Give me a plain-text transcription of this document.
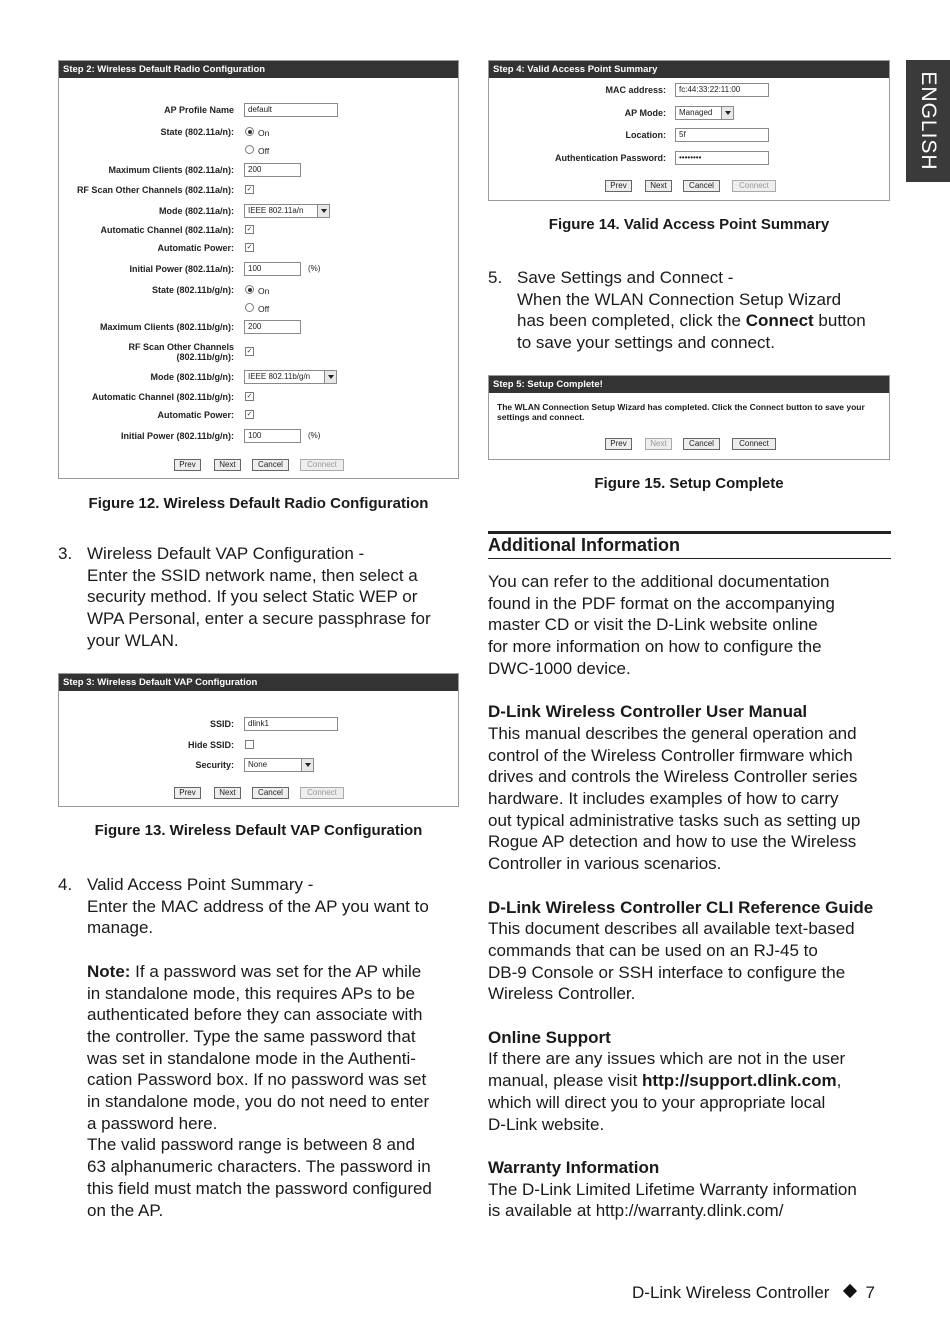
ENGLISH
Step 2: Wireless Default Radio Configuration
AP Profile Name	default
State (802.11a/n):	On
Off
Maximum Clients (802.11a/n):	200
RF Scan Other Channels (802.11a/n): ✓
Mode (802.11a/n):	IEEE 802.11a/n
Automatic Channel (802.11a/n): ✓
Automatic Power: ✓
Initial Power (802.11a/n):	100	(%)
State (802.11b/g/n):	On
Off
Maximum Clients (802.11b/g/n):	200
RF Scan Other Channels
(802.11b/g/n):
✓
Mode (802.11b/g/n):	IEEE 802.11b/g/n
Automatic Channel (802.11b/g/n): ✓
Automatic Power: ✓
Initial Power (802.11b/g/n):	100	(%)
Prev	Next	Cancel	Connect
Figure 12. Wireless Default Radio Configuration
3. Wireless Default VAP Configuration -
Enter the SSID network name, then select a
security method. If you select Static WEP or
WPA Personal, enter a secure passphrase for
your WLAN.
Step 3: Wireless Default VAP Configuration
SSID:	dlink1
Hide SSID:
Security:	None
Prev	Next	Cancel	Connect
Figure 13. Wireless Default VAP Configuration
4. Valid Access Point Summary -
Enter the MAC address of the AP you want to
manage.
Note: If a password was set for the AP while
in standalone mode, this requires APs to be
authenticated before they can associate with
the controller. Type the same password that
was set in standalone mode in the Authenti-
cation Password box. If no password was set
in standalone mode, you do not need to enter
a password here.
The valid password range is between 8 and
63 alphanumeric characters. The password in
this field must match the password configured
on the AP.
Step 4: Valid Access Point Summary
MAC address:	fc:44:33:22:11:00
AP Mode:	Managed
Location:	5f
Authentication Password:	••••••••
Prev	Next	Cancel	Connect
Figure 14. Valid Access Point Summary
5. Save Settings and Connect -
When the WLAN Connection Setup Wizard
has been completed, click the Connect button
to save your settings and connect.
Step 5: Setup Complete!
The WLAN Connection Setup Wizard has completed. Click the Connect button to save your settings and connect.
Prev	Next	Cancel	Connect
Figure 15. Setup Complete
Additional Information
You can refer to the additional documentation
found in the PDF format on the accompanying
master CD or visit the D-Link website online
for more information on how to configure the
DWC-1000 device.
D-Link Wireless Controller User Manual
This manual describes the general operation and
control of the Wireless Controller firmware which
drives and controls the Wireless Controller series
hardware. It includes examples of how to carry
out typical administrative tasks such as setting up
Rogue AP detection and how to use the Wireless
Controller in various scenarios.
D-Link Wireless Controller CLI Reference Guide
This document describes all available text-based
commands that can be used on an RJ-45 to
DB-9 Console or SSH interface to configure the
Wireless Controller.
Online Support
If there are any issues which are not in the user
manual, please visit http://support.dlink.com,
which will direct you to your appropriate local
D-Link website.
Warranty Information
The D-Link Limited Lifetime Warranty information
is available at http://warranty.dlink.com/
D-Link Wireless Controller 7
